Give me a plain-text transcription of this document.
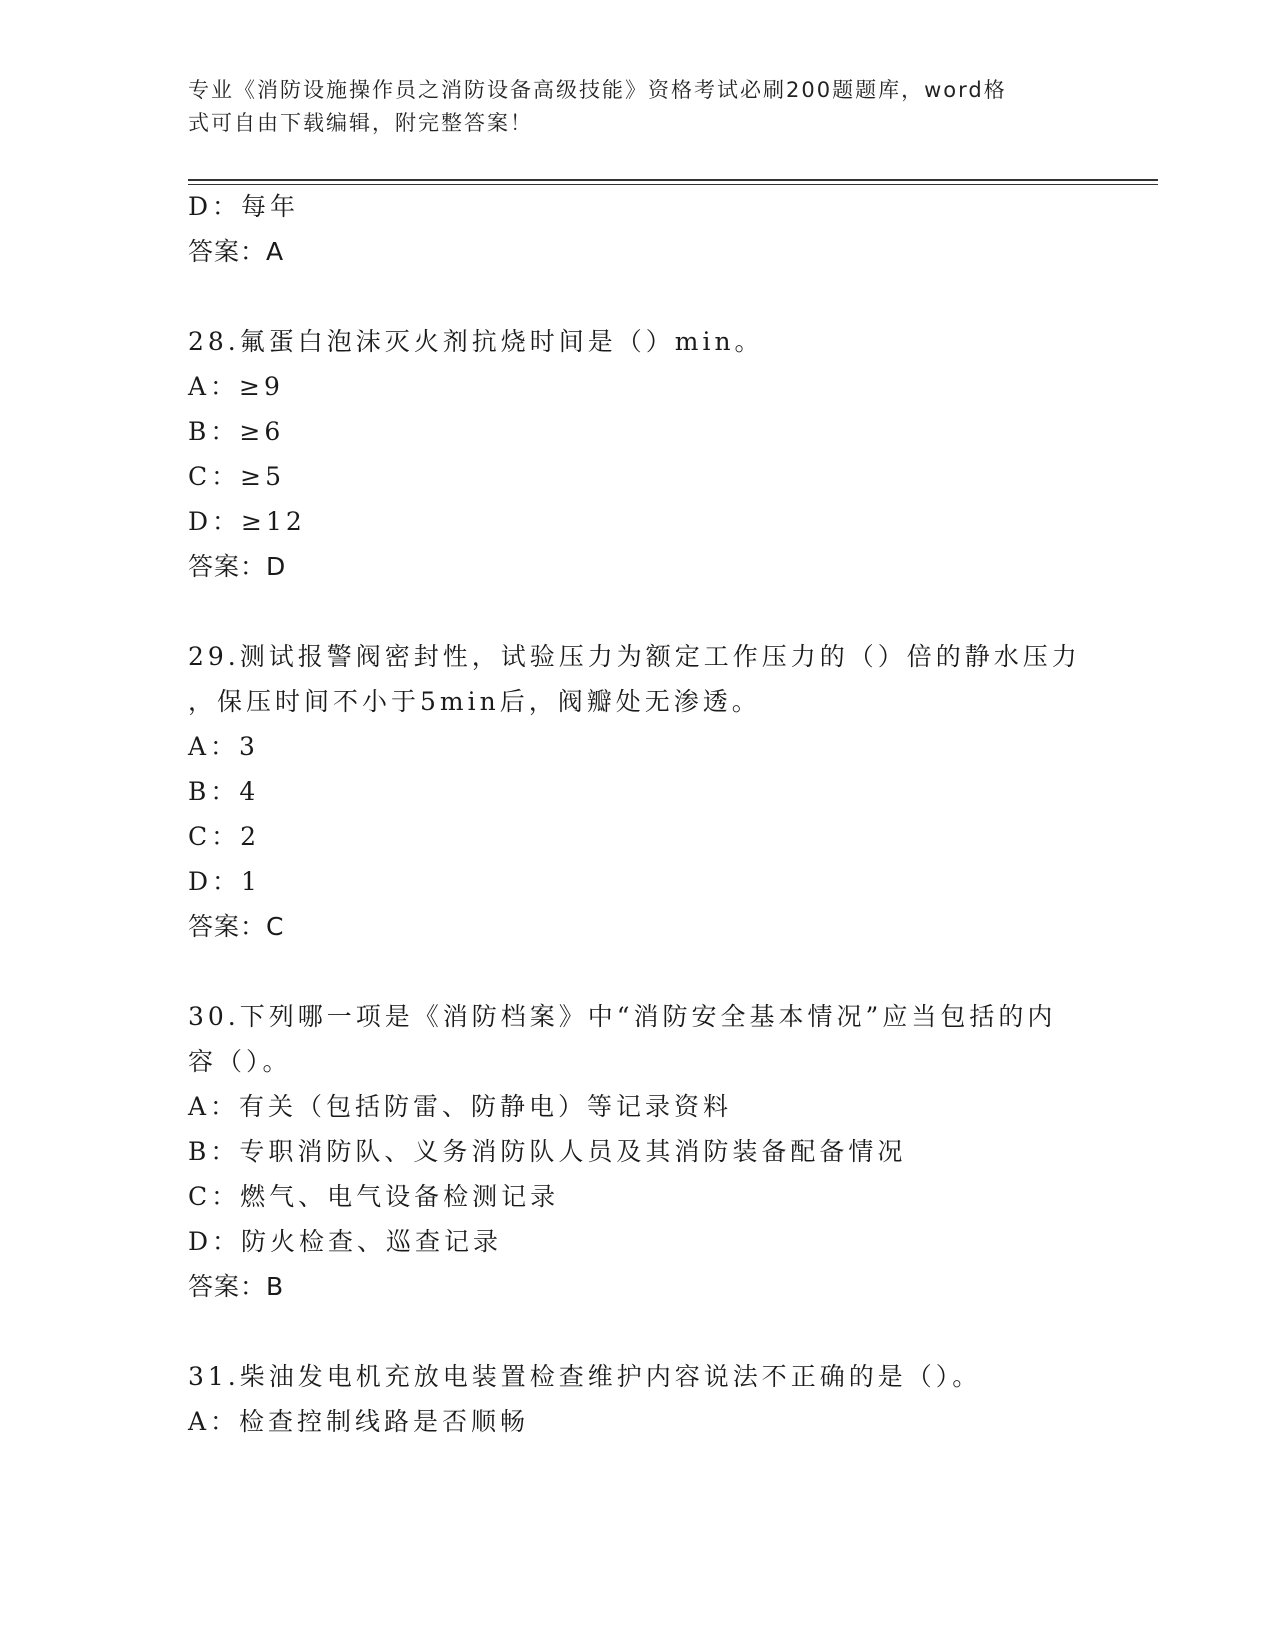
专业《消防设施操作员之消防设备高级技能》资格考试必刷200题题库，word格
式可自由下载编辑，附完整答案！
D：每年
答案：A
28.氟蛋白泡沫灭火剂抗烧时间是（）min。
A：≥9
B：≥6
C：≥5
D：≥12
答案：D
29.测试报警阀密封性，试验压力为额定工作压力的（）倍的静水压力
，保压时间不小于5min后，阀瓣处无渗透。
A：3
B：4
C：2
D：1
答案：C
30.下列哪一项是《消防档案》中“消防安全基本情况”应当包括的内
容（）。
A：有关（包括防雷、防静电）等记录资料
B：专职消防队、义务消防队人员及其消防装备配备情况
C：燃气、电气设备检测记录
D：防火检查、巡查记录
答案：B
31.柴油发电机充放电装置检查维护内容说法不正确的是（）。
A：检查控制线路是否顺畅
